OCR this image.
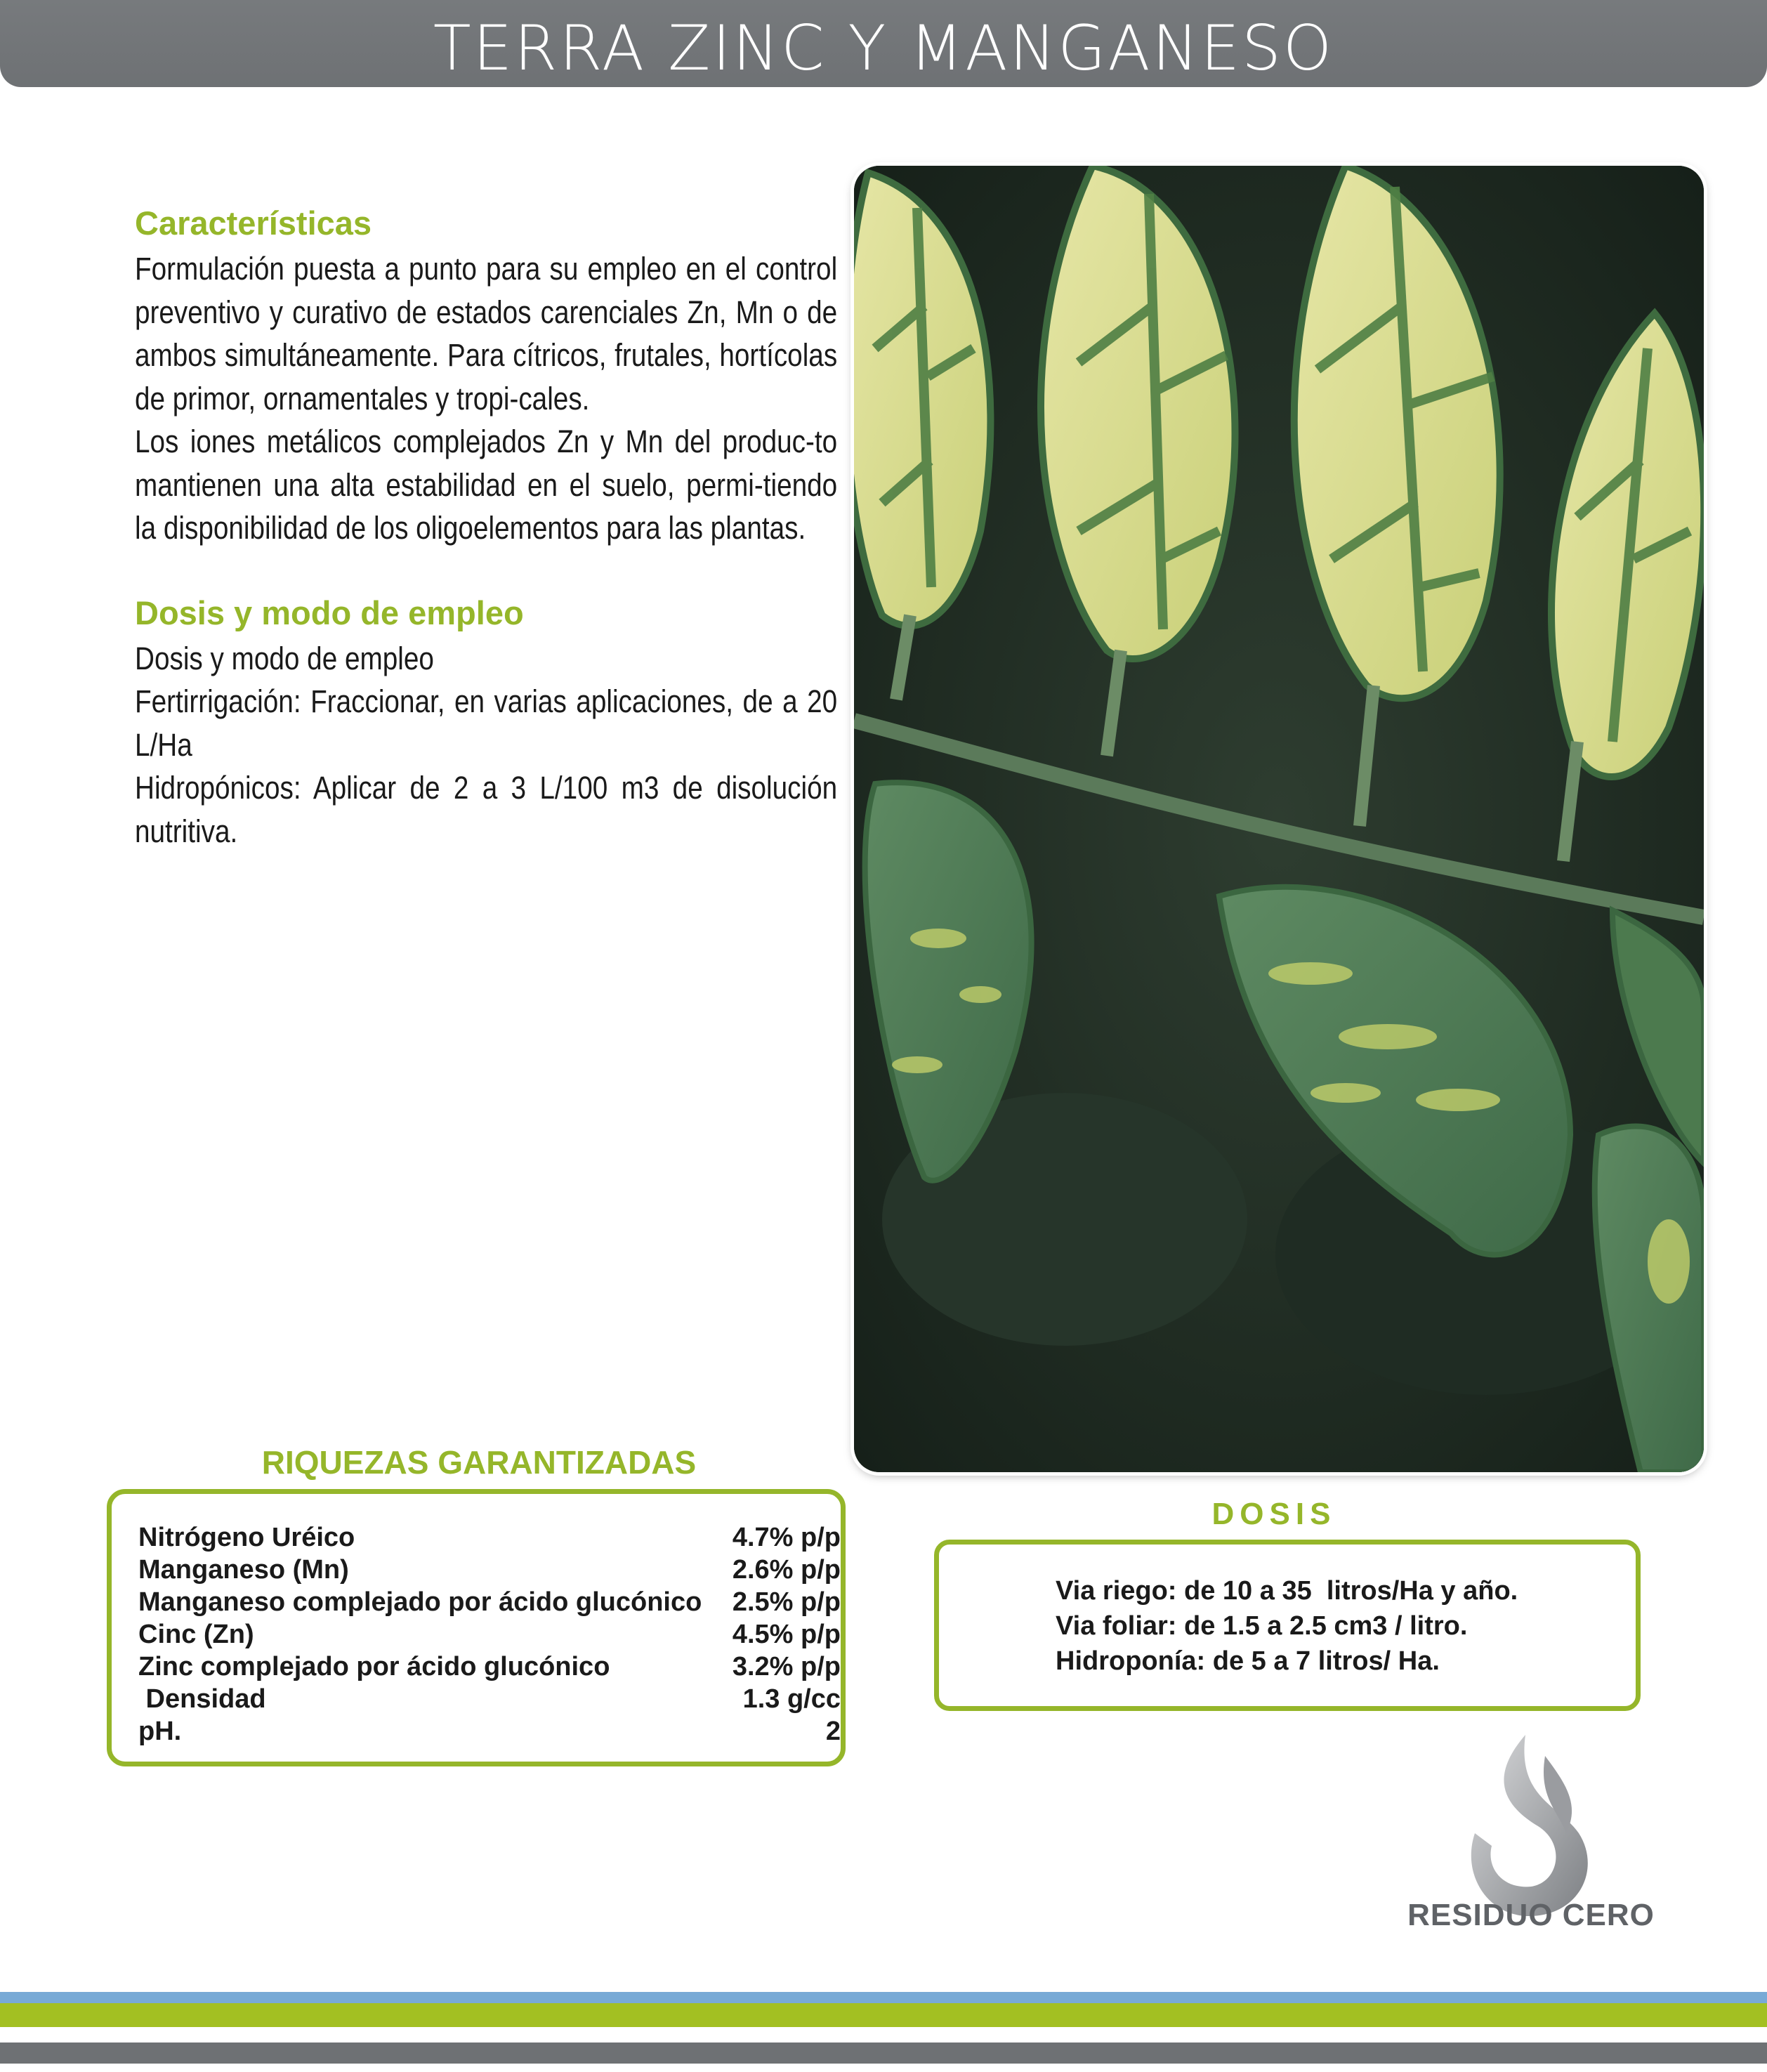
TERRA ZINC Y MANGANESO
Características

Formulación puesta a punto para su empleo en el control preventivo y curativo de estados carenciales Zn, Mn o de ambos simultáneamente. Para cítricos, frutales, hortícolas de primor, ornamentales y tropi-cales.

Los iones metálicos complejados Zn y Mn del produc-to mantienen una alta estabilidad en el suelo, permi-tiendo la disponibilidad de los oligoelementos para las plantas.

Dosis y modo de empleo

Dosis y modo de empleo

Fertirrigación: Fraccionar, en varias aplicaciones, de a 20 L/Ha

Hidropónicos: Aplicar de 2 a 3 L/100 m3 de disolución nutritiva.

RIQUEZAS GARANTIZADAS
Nitrógeno Uréico	4.7% p/p
Manganeso (Mn)	2.6% p/p
Manganeso complejado por ácido glucónico 2.5% p/p
Cinc (Zn)	4.5% p/p
Zinc complejado por ácido glucónico	3.2% p/p
Densidad	1.3 g/cc
pH.	2
DOSIS
Via riego: de 10 a 35  litros/Ha y año.
Via foliar: de 1.5 a 2.5 cm3 / litro.
Hidroponía: de 5 a 7 litros/ Ha.
RESIDUO CERO
